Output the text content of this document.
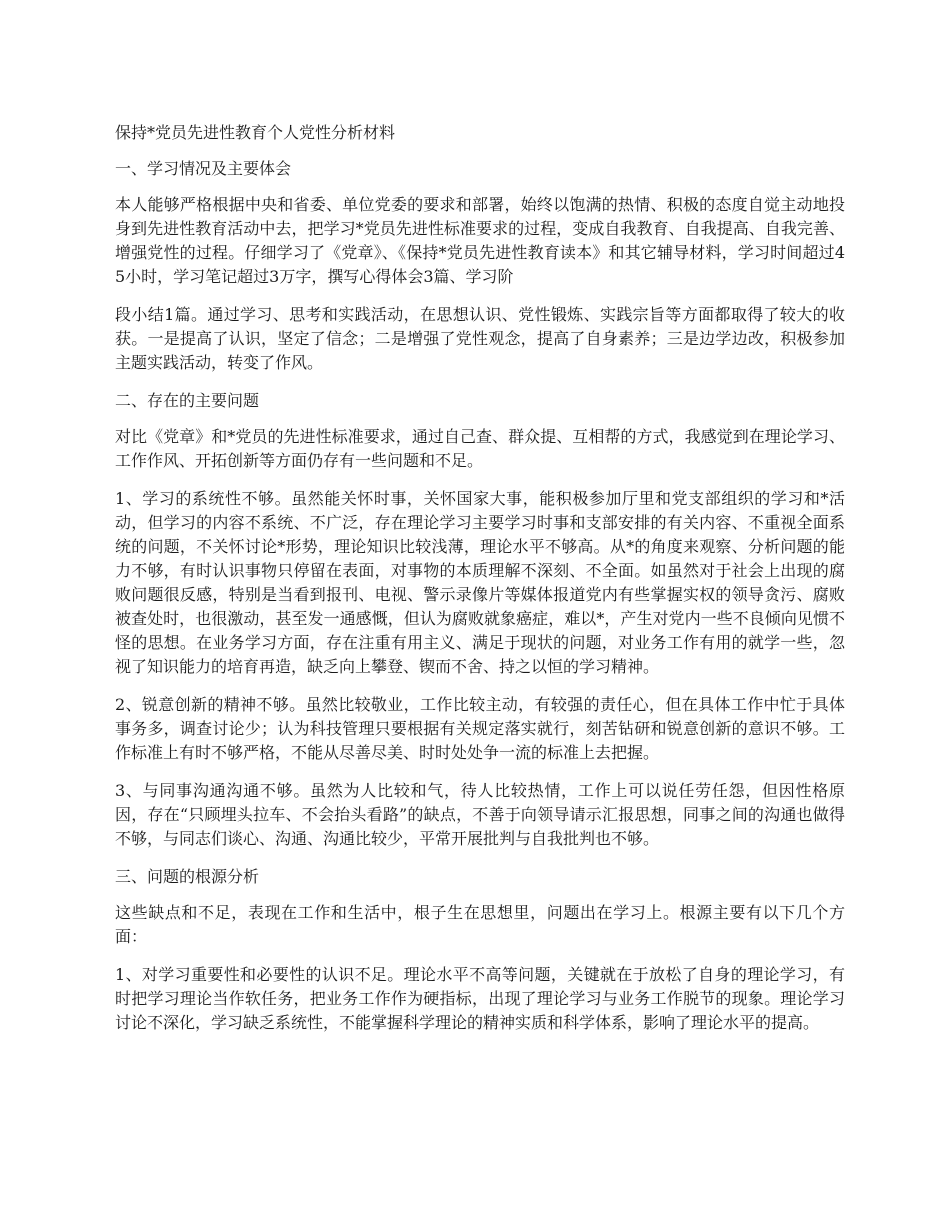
保持*党员先进性教育个人党性分析材料
一、学习情况及主要体会

本人能够严格根据中央和省委、单位党委的要求和部署，始终以饱满的热情、积极的态度自觉主动地投身到先进性教育活动中去，把学习*党员先进性标准要求的过程，变成自我教育、自我提高、自我完善、增强党性的过程。仔细学习了《党章》、《保持*党员先进性教育读本》和其它辅导材料，学习时间超过45小时，学习笔记超过3万字，撰写心得体会3篇、学习阶

段小结1篇。通过学习、思考和实践活动，在思想认识、党性锻炼、实践宗旨等方面都取得了较大的收获。一是提高了认识，坚定了信念；二是增强了党性观念，提高了自身素养；三是边学边改，积极参加主题实践活动，转变了作风。

二、存在的主要问题

对比《党章》和*党员的先进性标准要求，通过自己查、群众提、互相帮的方式，我感觉到在理论学习、工作作风、开拓创新等方面仍存有一些问题和不足。

1、学习的系统性不够。虽然能关怀时事，关怀国家大事，能积极参加厅里和党支部组织的学习和*活动，但学习的内容不系统、不广泛，存在理论学习主要学习时事和支部安排的有关内容、不重视全面系统的问题，不关怀讨论*形势，理论知识比较浅薄，理论水平不够高。从*的角度来观察、分析问题的能力不够，有时认识事物只停留在表面，对事物的本质理解不深刻、不全面。如虽然对于社会上出现的腐败问题很反感，特别是当看到报刊、电视、警示录像片等媒体报道党内有些掌握实权的领导贪污、腐败被查处时，也很激动，甚至发一通感慨，但认为腐败就象癌症，难以*，产生对党内一些不良倾向见惯不怪的思想。在业务学习方面，存在注重有用主义、满足于现状的问题，对业务工作有用的就学一些，忽视了知识能力的培育再造，缺乏向上攀登、锲而不舍、持之以恒的学习精神。

2、锐意创新的精神不够。虽然比较敬业，工作比较主动，有较强的责任心，但在具体工作中忙于具体事务多，调查讨论少；认为科技管理只要根据有关规定落实就行，刻苦钻研和锐意创新的意识不够。工作标准上有时不够严格，不能从尽善尽美、时时处处争一流的标准上去把握。

3、与同事沟通沟通不够。虽然为人比较和气，待人比较热情，工作上可以说任劳任怨，但因性格原因，存在“只顾埋头拉车、不会抬头看路”的缺点，不善于向领导请示汇报思想，同事之间的沟通也做得不够，与同志们谈心、沟通、沟通比较少，平常开展批判与自我批判也不够。

三、问题的根源分析

这些缺点和不足，表现在工作和生活中，根子生在思想里，问题出在学习上。根源主要有以下几个方面：

1、对学习重要性和必要性的认识不足。理论水平不高等问题，关键就在于放松了自身的理论学习，有时把学习理论当作软任务，把业务工作作为硬指标，出现了理论学习与业务工作脱节的现象。理论学习讨论不深化，学习缺乏系统性，不能掌握科学理论的精神实质和科学体系，影响了理论水平的提高。
